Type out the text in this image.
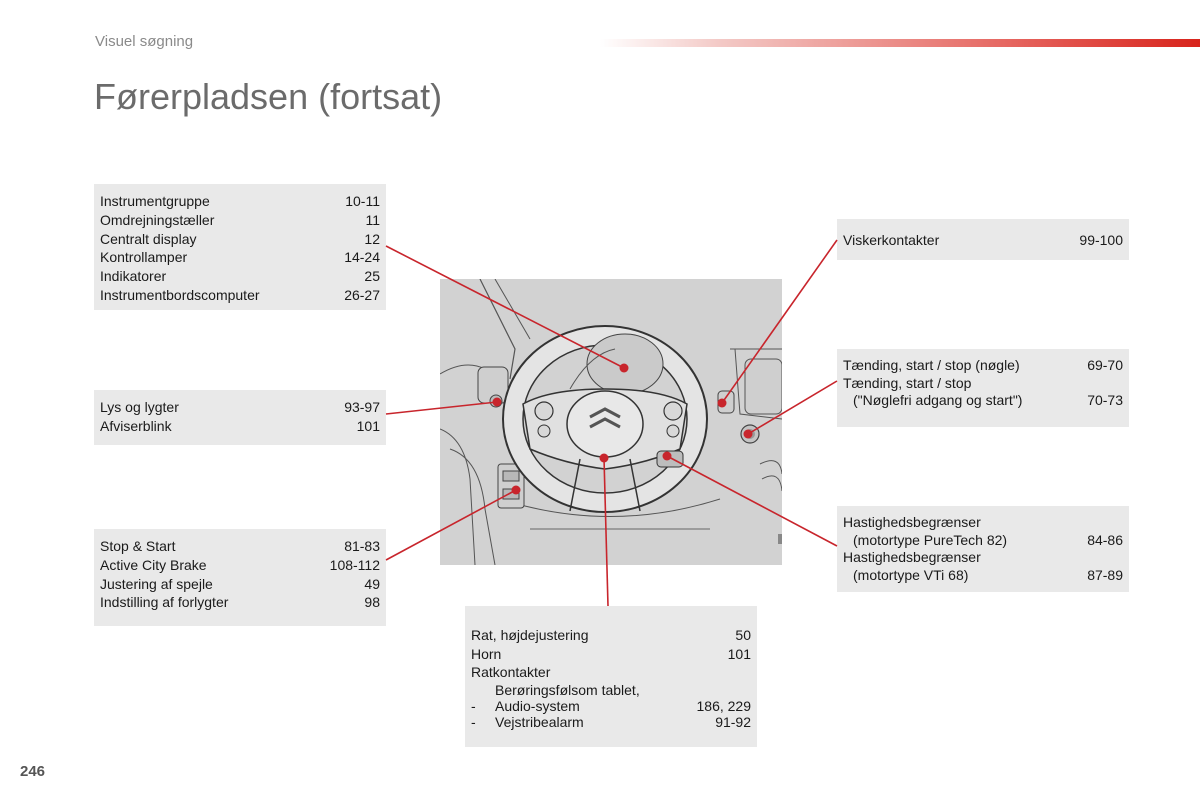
Visuel søgning
Førerpladsen (fortsat)
Instrumentgruppe	10-11
Omdrejningstæller	11
Centralt display	12
Kontrollamper	14-24
Indikatorer	25
Instrumentbordscomputer	26-27
Lys og lygter	93-97
Afviserblink	101
Stop & Start	81-83
Active City Brake	108-112
Justering af spejle	49
Indstilling af forlygter	98
Viskerkontakter	99-100
Tænding, start / stop (nøgle)	69-70
Tænding, start / stop
("Nøglefri adgang og start")	70-73
Hastighedsbegrænser
(motortype PureTech 82)	84-86
Hastighedsbegrænser
(motortype VTi 68)	87-89
Rat, højdejustering	50
Horn	101
Ratkontakter
-
Berøringsfølsom tablet,
Audio-system	186, 229
-	Vejstribealarm	91-92
246
